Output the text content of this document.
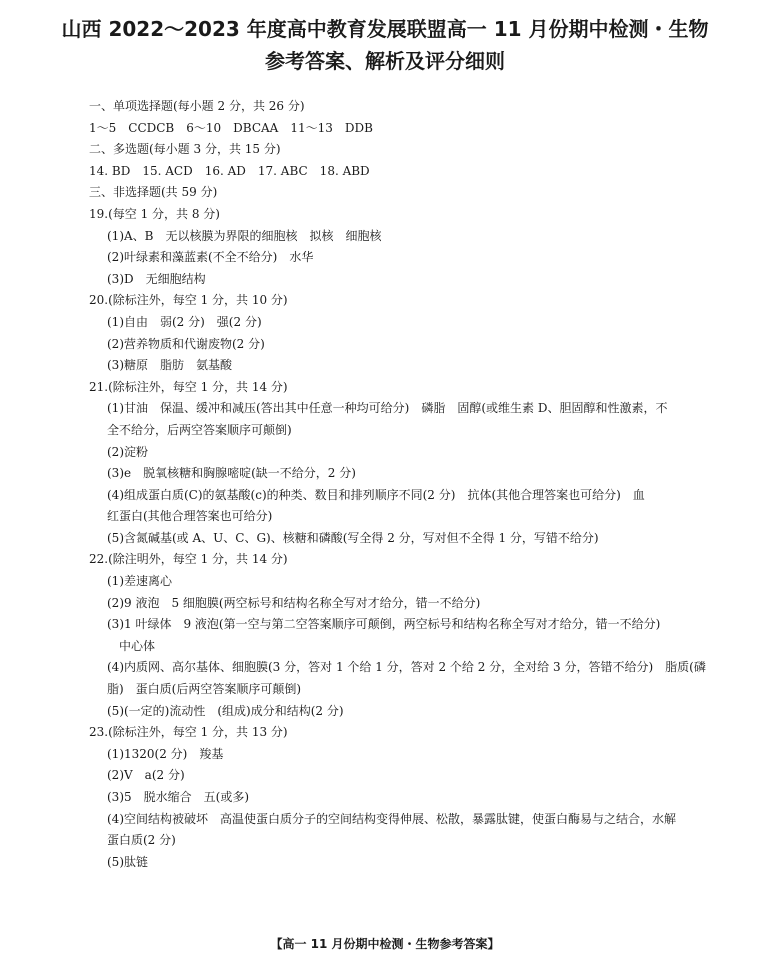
山西 2022～2023 年度高中教育发展联盟高一 11 月份期中检测・生物
参考答案、解析及评分细则
一、单项选择题(每小题 2 分，共 26 分)
1～5　CCDCB　6～10　DBCAA　11～13　DDB
二、多选题(每小题 3 分，共 15 分)
14. BD　15. ACD　16. AD　17. ABC　18. ABD
三、非选择题(共 59 分)
19.(每空 1 分，共 8 分)
(1)A、B　无以核膜为界限的细胞核　拟核　细胞核
(2)叶绿素和藻蓝素(不全不给分)　水华
(3)D　无细胞结构
20.(除标注外，每空 1 分，共 10 分)
(1)自由　弱(2 分)　强(2 分)
(2)营养物质和代谢废物(2 分)
(3)糖原　脂肪　氨基酸
21.(除标注外，每空 1 分，共 14 分)
(1)甘油　保温、缓冲和减压(答出其中任意一种均可给分)　磷脂　固醇(或维生素 D、胆固醇和性激素，不
全不给分，后两空答案顺序可颠倒)
(2)淀粉
(3)e　脱氧核糖和胸腺嘧啶(缺一不给分，2 分)
(4)组成蛋白质(C)的氨基酸(c)的种类、数目和排列顺序不同(2 分)　抗体(其他合理答案也可给分)　血
红蛋白(其他合理答案也可给分)
(5)含氮碱基(或 A、U、C、G)、核糖和磷酸(写全得 2 分，写对但不全得 1 分，写错不给分)
22.(除注明外，每空 1 分，共 14 分)
(1)差速离心
(2)9 液泡　5 细胞膜(两空标号和结构名称全写对才给分，错一不给分)
(3)1 叶绿体　9 液泡(第一空与第二空答案顺序可颠倒，两空标号和结构名称全写对才给分，错一不给分)
中心体
(4)内质网、高尔基体、细胞膜(3 分，答对 1 个给 1 分，答对 2 个给 2 分，全对给 3 分，答错不给分)　脂质(磷
脂)　蛋白质(后两空答案顺序可颠倒)
(5)(一定的)流动性　(组成)成分和结构(2 分)
23.(除标注外，每空 1 分，共 13 分)
(1)1320(2 分)　羧基
(2)V　a(2 分)
(3)5　脱水缩合　五(或多)
(4)空间结构被破坏　高温使蛋白质分子的空间结构变得伸展、松散，暴露肽键，使蛋白酶易与之结合，水解
蛋白质(2 分)
(5)肽链
【高一 11 月份期中检测・生物参考答案】
